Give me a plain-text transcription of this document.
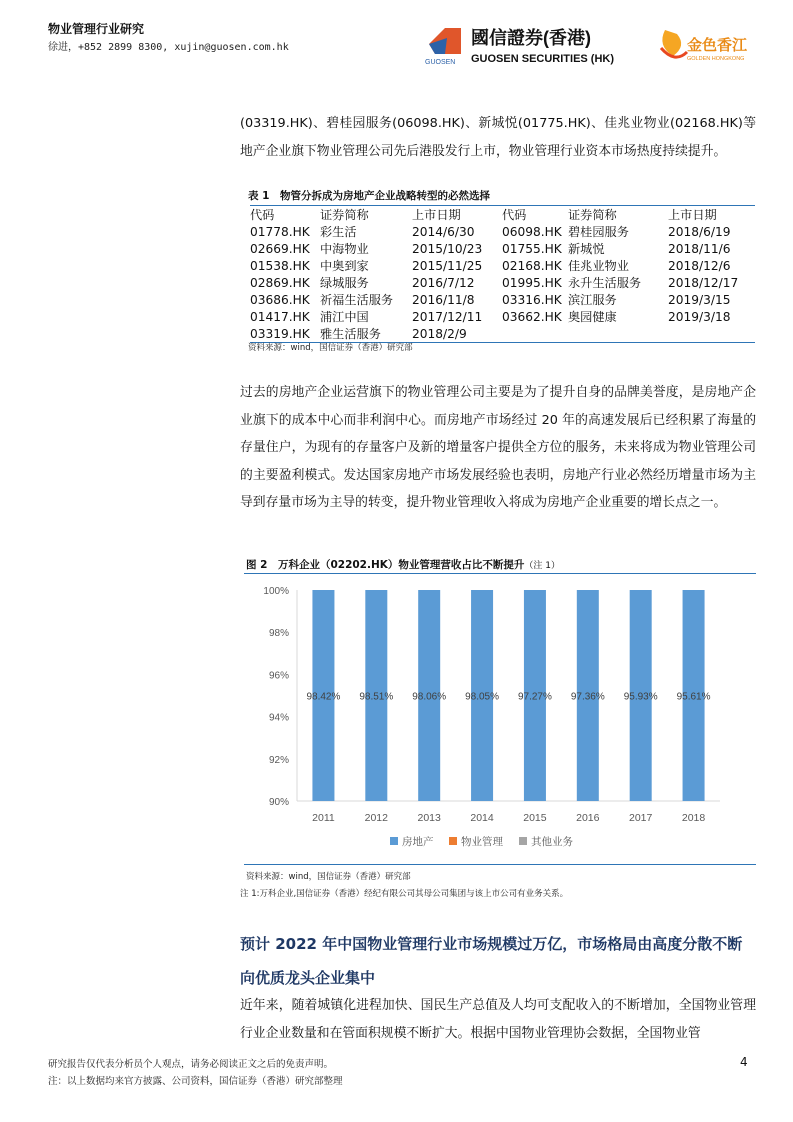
物业管理行业研究
徐进，+852 2899 8300, xujin@guosen.com.hk
GUOSEN
國信證券(香港)
GUOSEN SECURITIES (HK)
金色香江
GOLDEN HONGKONG
(03319.HK)、碧桂园服务(06098.HK)、新城悦(01775.HK)、佳兆业物业(02168.HK)等地产企业旗下物业管理公司先后港股发行上市，物业管理行业资本市场热度持续提升。
表 1　物管分拆成为房地产企业战略转型的必然选择
代码	证券简称	上市日期	代码	证券简称	上市日期
01778.HK	彩生活	2014/6/30	06098.HK	碧桂园服务	2018/6/19
02669.HK	中海物业	2015/10/23	01755.HK	新城悦	2018/11/6
01538.HK	中奥到家	2015/11/25	02168.HK	佳兆业物业	2018/12/6
02869.HK	绿城服务	2016/7/12	01995.HK	永升生活服务	2018/12/17
03686.HK	祈福生活服务	2016/11/8	03316.HK	滨江服务	2019/3/15
01417.HK	浦江中国	2017/12/11	03662.HK	奥园健康	2019/3/18
03319.HK	雅生活服务	2018/2/9			
资料来源：wind，国信证券（香港）研究部
过去的房地产企业运营旗下的物业管理公司主要是为了提升自身的品牌美誉度，是房地产企业旗下的成本中心而非利润中心。而房地产市场经过 20 年的高速发展后已经积累了海量的存量住户，为现有的存量客户及新的增量客户提供全方位的服务，未来将成为物业管理公司的主要盈利模式。发达国家房地产市场发展经验也表明，房地产行业必然经历增量市场为主导到存量市场为主导的转变，提升物业管理收入将成为房地产企业重要的增长点之一。
图 2　万科企业（02202.HK）物业管理营收占比不断提升（注 1）
90%
92%
94%
96%
98%
100%
98.42%
2011
98.51%
2012
98.06%
2013
98.05%
2014
97.27%
2015
97.36%
2016
95.93%
2017
95.61%
2018
房地产	物业管理	其他业务
资料来源：wind，国信证券（香港）研究部
注 1:万科企业,国信证券（香港）经纪有限公司其母公司集团与该上市公司有业务关系。
预计 2022 年中国物业管理行业市场规模过万亿，市场格局由高度分散不断向优质龙头企业集中
近年来，随着城镇化进程加快、国民生产总值及人均可支配收入的不断增加，全国物业管理行业企业数量和在管面积规模不断扩大。根据中国物业管理协会数据，全国物业管
研究报告仅代表分析员个人观点，请务必阅读正文之后的免责声明。
注：以上数据均来官方披露、公司资料，国信证券（香港）研究部整理
4
